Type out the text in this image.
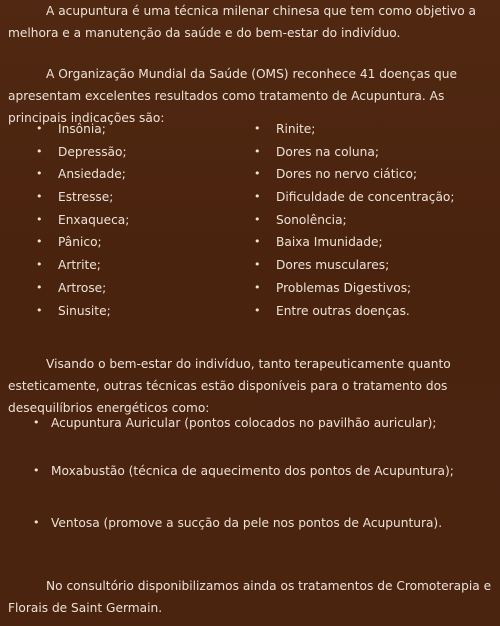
A acupuntura é uma técnica milenar chinesa que tem como objetivo a melhora e a manutenção da saúde e do bem-estar do indivíduo.

A Organização Mundial da Saúde (OMS) reconhece 41 doenças que apresentam excelentes resultados como tratamento de Acupuntura. As principais indicações são:

• Insônia;
• Depressão;
• Ansiedade;
• Estresse;
• Enxaqueca;
• Pânico;
• Artrite;
• Artrose;
• Sinusite;
• Rinite;
• Dores na coluna;
• Dores no nervo ciático;
• Dificuldade de concentração;
• Sonolência;
• Baixa Imunidade;
• Dores musculares;
• Problemas Digestivos;
• Entre outras doenças.

Visando o bem-estar do indivíduo, tanto terapeuticamente quanto esteticamente, outras técnicas estão disponíveis para o tratamento dos desequilíbrios energéticos como:

• Acupuntura Auricular (pontos colocados no pavilhão auricular);
• Moxabustão (técnica de aquecimento dos pontos de Acupuntura);
• Ventosa (promove a sucção da pele nos pontos de Acupuntura).

No consultório disponibilizamos ainda os tratamentos de Cromoterapia e Florais de Saint Germain.
